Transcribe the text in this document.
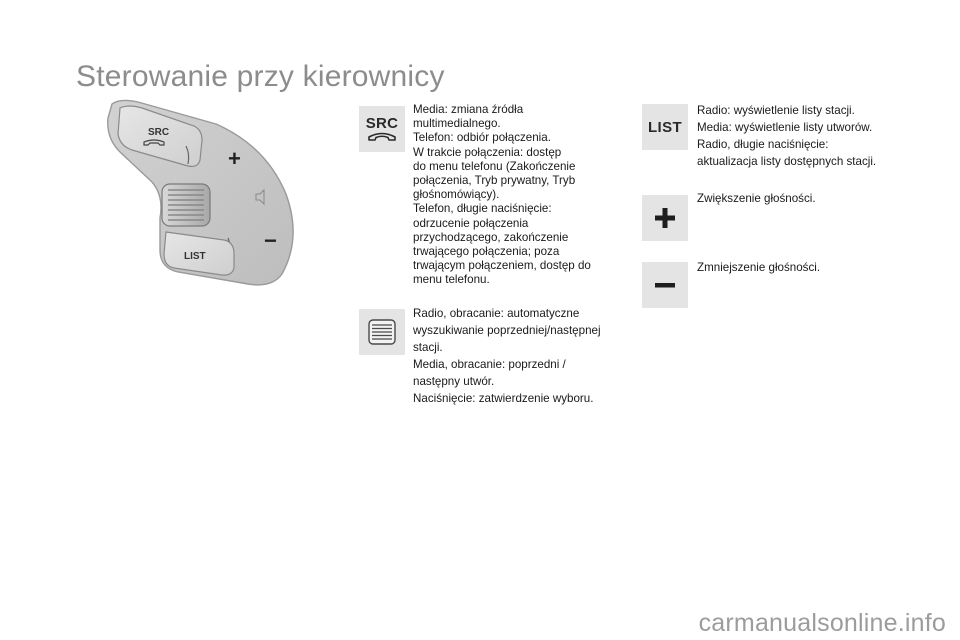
Sterowanie przy kierownicy
SRC
+
−
LIST
SRC

Media: zmiana źródła

multimedialnego.

Telefon: odbiór połączenia.

W trakcie połączenia: dostęp

do menu telefonu (Zakończenie

połączenia, Tryb prywatny, Tryb

głośnomówiący).

Telefon, długie naciśnięcie:

odrzucenie połączenia

przychodzącego, zakończenie

trwającego połączenia; poza

trwającym połączeniem, dostęp do

menu telefonu.

Radio, obracanie: automatyczne

wyszukiwanie poprzedniej/następnej

stacji.

Media, obracanie: poprzedni /

następny utwór.

Naciśnięcie: zatwierdzenie wyboru.

LIST

Radio: wyświetlenie listy stacji.

Media: wyświetlenie listy utworów.

Radio, długie naciśnięcie:

aktualizacja listy dostępnych stacji.

Zwiększenie głośności.

Zmniejszenie głośności.

carmanualsonline.info
